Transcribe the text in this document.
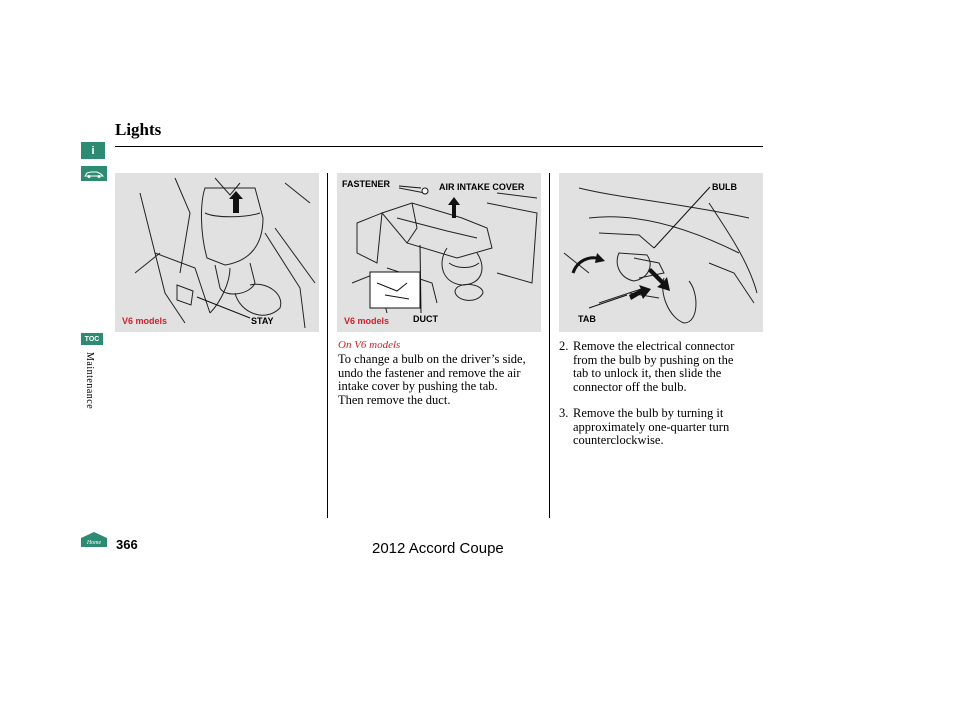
i
TOC
Maintenance
Lights
V6 models	STAY
FASTENER	AIR INTAKE COVER
V6 models	DUCT
BULB
TAB
On V6 models
To change a bulb on the driver’s side,
undo the fastener and remove the air
intake cover by pushing the tab.
Then remove the duct.
2. Remove the electrical connector
from the bulb by pushing on the
tab to unlock it, then slide the
connector off the bulb.
3. Remove the bulb by turning it
approximately one-quarter turn
counterclockwise.
Home 366	2012 Accord Coupe
